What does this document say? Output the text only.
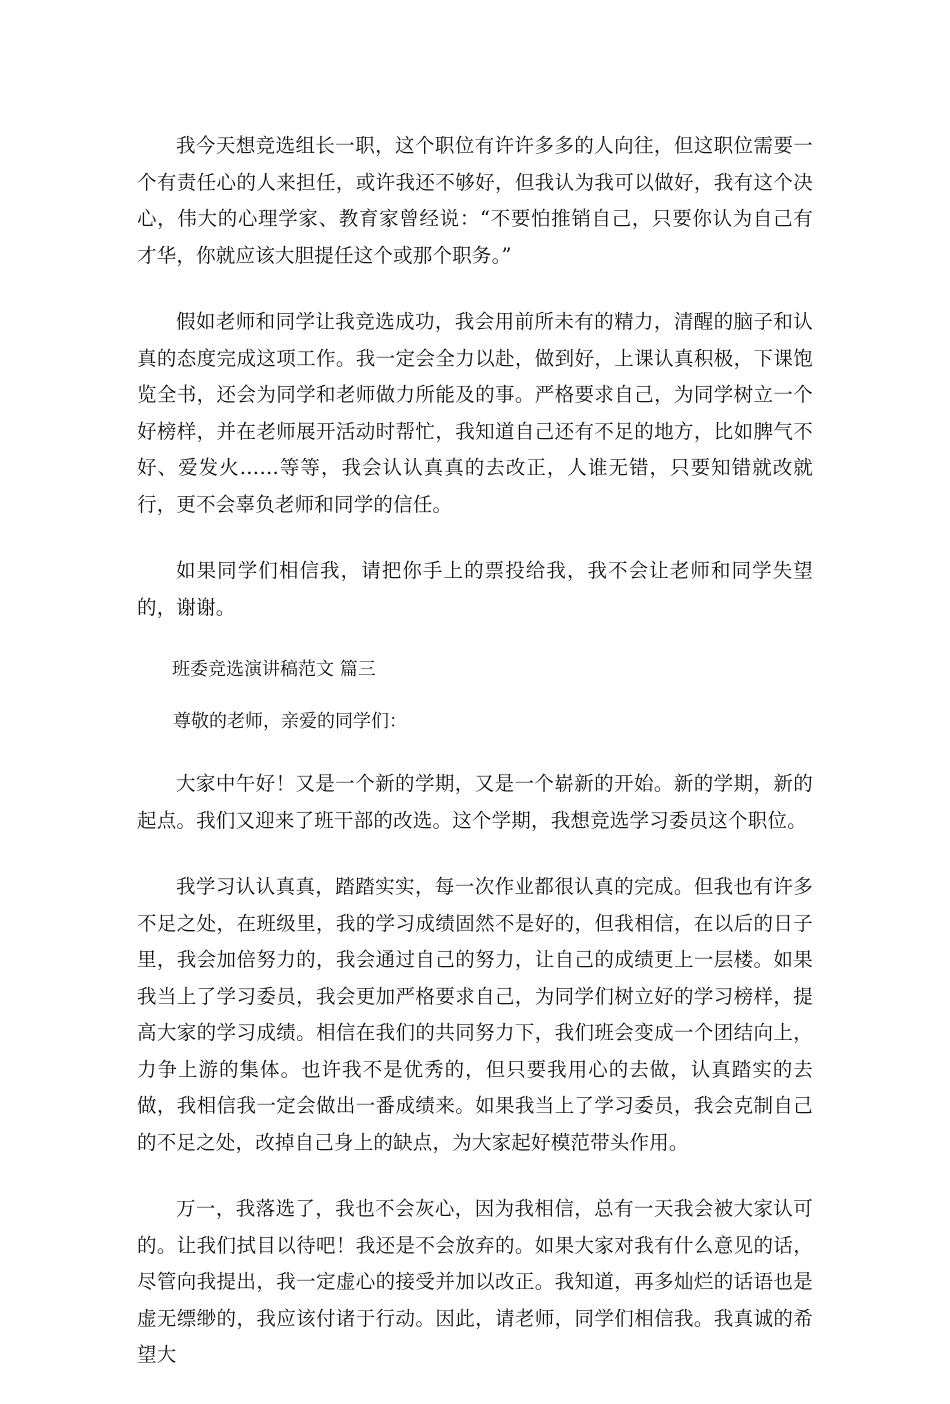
我今天想竞选组长一职，这个职位有许许多多的人向往，但这职位需要一个有责任心的人来担任，或许我还不够好，但我认为我可以做好，我有这个决心，伟大的心理学家、教育家曾经说：“不要怕推销自己，只要你认为自己有才华，你就应该大胆提任这个或那个职务。”

假如老师和同学让我竞选成功，我会用前所未有的精力，清醒的脑子和认真的态度完成这项工作。我一定会全力以赴，做到好，上课认真积极，下课饱览全书，还会为同学和老师做力所能及的事。严格要求自己，为同学树立一个好榜样，并在老师展开活动时帮忙，我知道自己还有不足的地方，比如脾气不好、爱发火……等等，我会认认真真的去改正，人谁无错，只要知错就改就行，更不会辜负老师和同学的信任。

如果同学们相信我，请把你手上的票投给我，我不会让老师和同学失望的，谢谢。

班委竞选演讲稿范文 篇三

尊敬的老师，亲爱的同学们：

大家中午好！又是一个新的学期，又是一个崭新的开始。新的学期，新的起点。我们又迎来了班干部的改选。这个学期，我想竞选学习委员这个职位。

我学习认认真真，踏踏实实，每一次作业都很认真的完成。但我也有许多不足之处，在班级里，我的学习成绩固然不是好的，但我相信，在以后的日子里，我会加倍努力的，我会通过自己的努力，让自己的成绩更上一层楼。如果我当上了学习委员，我会更加严格要求自己，为同学们树立好的学习榜样，提高大家的学习成绩。相信在我们的共同努力下，我们班会变成一个团结向上，力争上游的集体。也许我不是优秀的，但只要我用心的去做，认真踏实的去做，我相信我一定会做出一番成绩来。如果我当上了学习委员，我会克制自己的不足之处，改掉自己身上的缺点，为大家起好模范带头作用。

万一，我落选了，我也不会灰心，因为我相信，总有一天我会被大家认可的。让我们拭目以待吧！我还是不会放弃的。如果大家对我有什么意见的话，尽管向我提出，我一定虚心的接受并加以改正。我知道，再多灿烂的话语也是虚无缥缈的，我应该付诸于行动。因此，请老师，同学们相信我。我真诚的希望大
